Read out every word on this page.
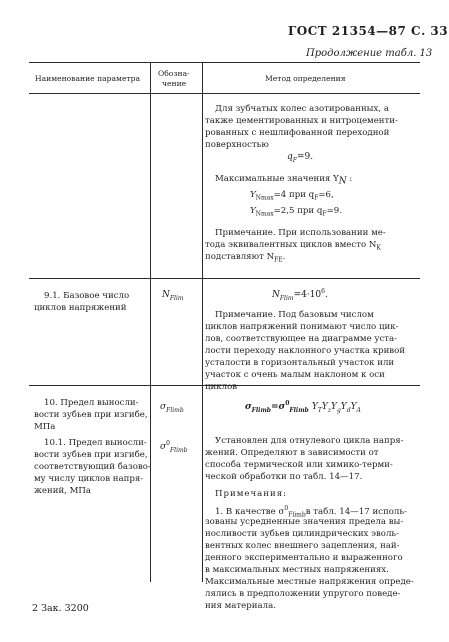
ГОСТ 21354—87 С. 33
Продолжение табл. 13
Наименование параметра
Обозна-
чение
Метод определения
Для зубчатых колес азотированных, а
также цементированных и нитроцементи-
рованных с нешлифованной переходной
поверхностью
$q_F=9$.
Максимальные значения $Y_N$ :
$Y_{Nmax}=4$ при $q_F=6$,
$Y_{Nmax}=2,5$ при $q_F=9$.
Примечание. При использовании ме-
тода эквивалентных циклов вместо $N_K$
подставляют $N_{FE}$.
9.1. Базовое число
циклов напряжений
$N_{Flim}$	$N_{Flim}=4\cdot 10^6$.
Примечание. Под базовым числом
циклов напряжений понимают число цик-
лов, соответствующее на диаграмме уста-
лости переходу наклонного участка кривой
усталости в горизонтальный участок или
участок с очень малым наклоном к оси
циклов
10. Предел выносли-
вости зубьев при изгибе,
МПа
$\sigma_{Flimb}$
10.1. Предел выносли-
вости зубьев при изгибе,
соответствующий базово-
му числу циклов напря-
жений, МПа
$\sigma^0_{Flimb}$
$\sigma_{Flimb}=\sigma^0_{Flimb}$ $Y_TY_zY_gY_dY_A$
Установлен для отнулевого цикла напря-
жений. Определяют в зависимости от
способа термической или химико-терми-
ческой обработки по табл. 14—17.
Примечания:
1. В качестве $\sigma^0_{Flimb}в$ табл. 14—17 исполь-
зованы усредненные значения предела вы-
носливости зубьев цилиндрических эволь-
вентных колес внешнего зацепления, най-
денного экспериментально и выраженного
в максимальных местных напряжениях.
Максимальные местные напряжения опреде-
лялись в предположении упругого поведе-
ния материала.
2 Зак. 3200
